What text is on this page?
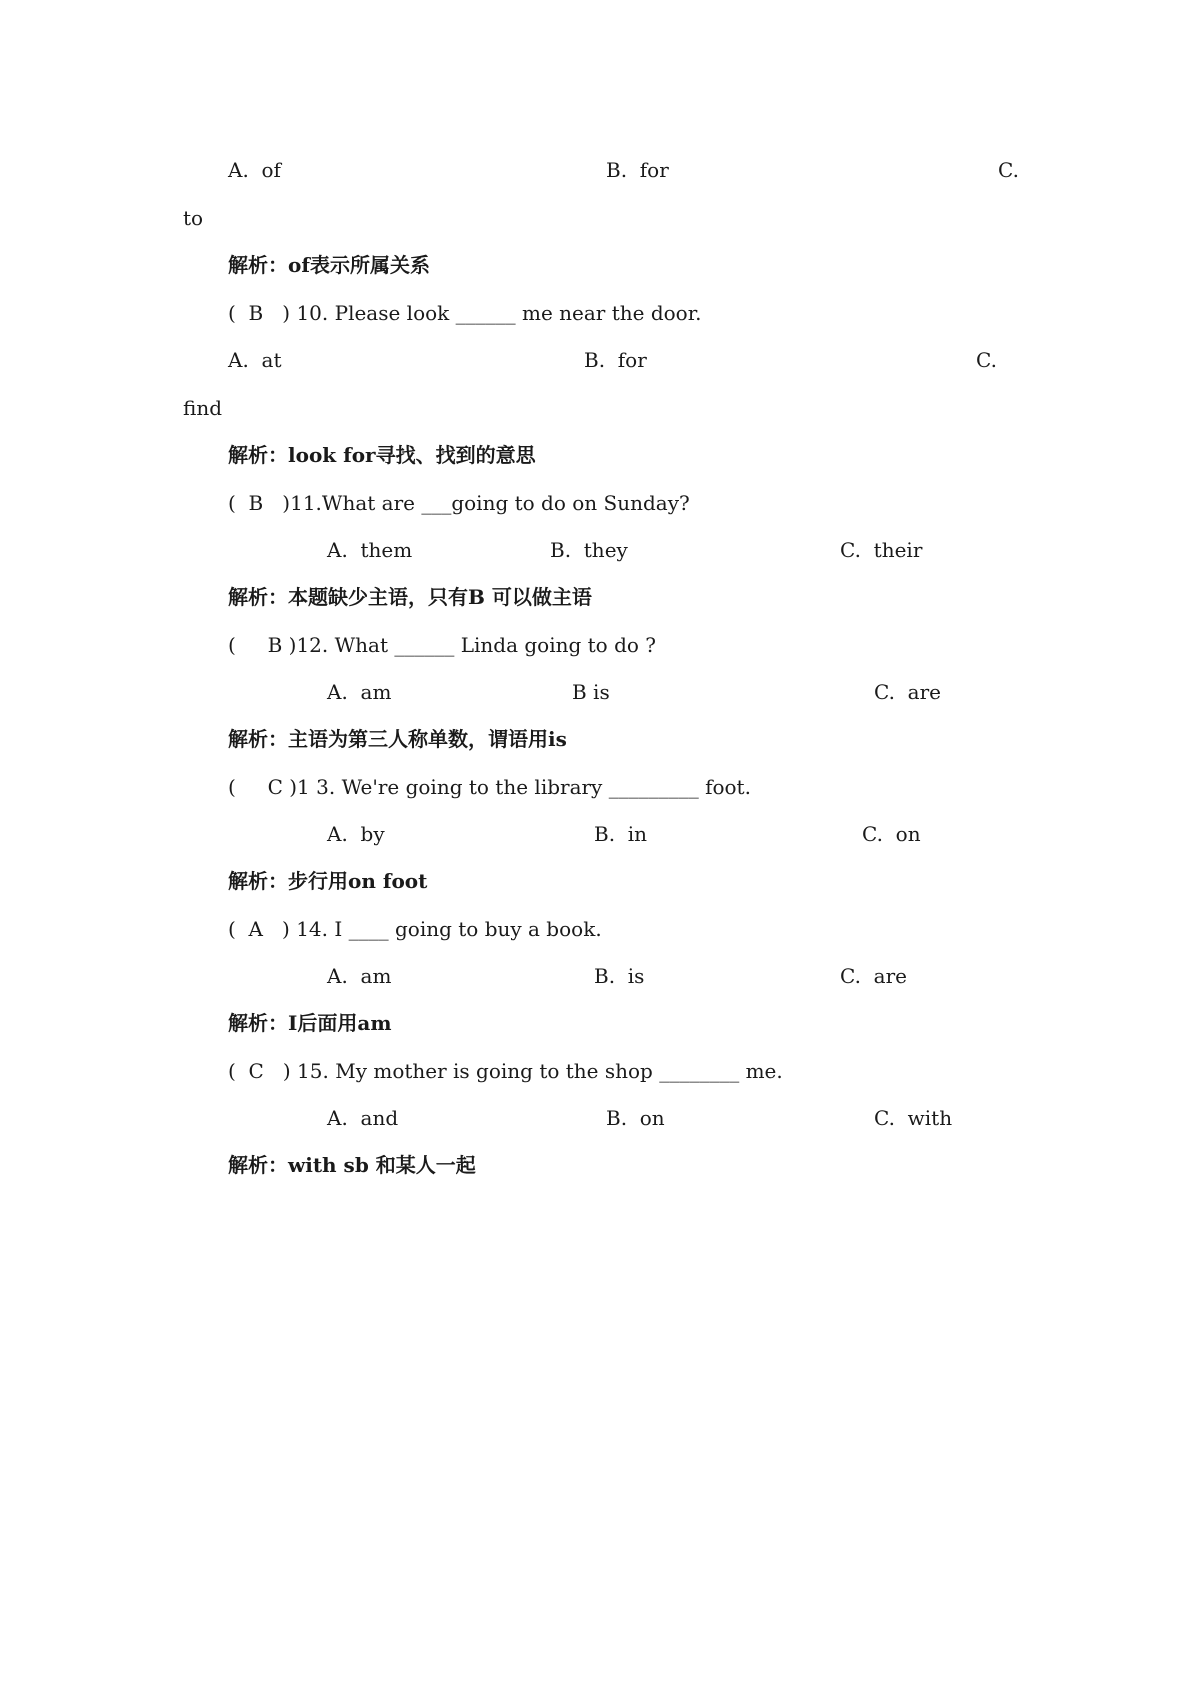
A.  of	B.  for	C.
to
解析：of表示所属关系
(  B   ) 10. Please look ______ me near the door.
A.  at	B.  for	C.
find
解析：look for寻找、找到的意思
(  B   )11.What are ___going to do on Sunday?
A.  them	B.  they	C.  their
解析：本题缺少主语，只有B 可以做主语
(     B )12. What ______ Linda going to do ?
A.  am	B is	C.  are
解析：主语为第三人称单数，谓语用is
(     C )1 3. We're going to the library _________ foot.
A.  by	B.  in	C.  on
解析：步行用on foot
(  A   ) 14. I ____ going to buy a book.
A.  am	B.  is	C.  are
解析：I后面用am
(  C   ) 15. My mother is going to the shop ________ me.
A.  and	B.  on	C.  with
解析：with sb 和某人一起
